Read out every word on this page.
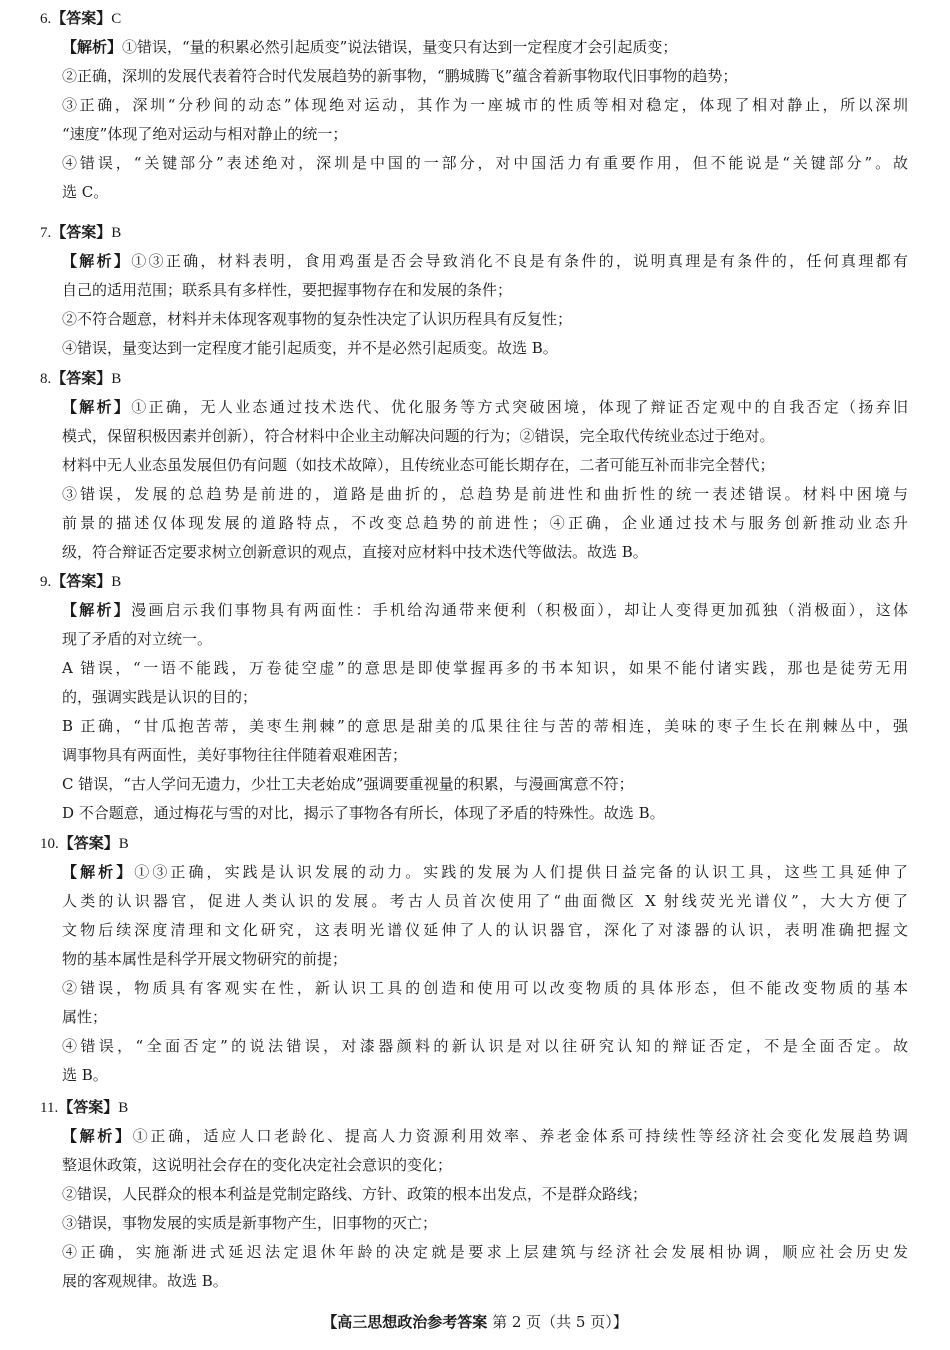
6.【答案】C
【解析】①错误，“量的积累必然引起质变”说法错误，量变只有达到一定程度才会引起质变；
②正确，深圳的发展代表着符合时代发展趋势的新事物，“鹏城腾飞”蕴含着新事物取代旧事物的趋势；
③正确，深圳“分秒间的动态”体现绝对运动，其作为一座城市的性质等相对稳定，体现了相对静止，所以深圳
“速度”体现了绝对运动与相对静止的统一；
④错误，“关键部分”表述绝对，深圳是中国的一部分，对中国活力有重要作用，但不能说是“关键部分”。故
选 C。
7.【答案】B
【解析】①③正确，材料表明，食用鸡蛋是否会导致消化不良是有条件的，说明真理是有条件的，任何真理都有
自己的适用范围；联系具有多样性，要把握事物存在和发展的条件；
②不符合题意，材料并未体现客观事物的复杂性决定了认识历程具有反复性；
④错误，量变达到一定程度才能引起质变，并不是必然引起质变。故选 B。
8.【答案】B
【解析】①正确，无人业态通过技术迭代、优化服务等方式突破困境，体现了辩证否定观中的自我否定（扬弃旧
模式，保留积极因素并创新），符合材料中企业主动解决问题的行为；②错误，完全取代传统业态过于绝对。
材料中无人业态虽发展但仍有问题（如技术故障），且传统业态可能长期存在，二者可能互补而非完全替代；
③错误，发展的总趋势是前进的，道路是曲折的，总趋势是前进性和曲折性的统一表述错误。材料中困境与
前景的描述仅体现发展的道路特点，不改变总趋势的前进性；④正确，企业通过技术与服务创新推动业态升
级，符合辩证否定要求树立创新意识的观点，直接对应材料中技术迭代等做法。故选 B。
9.【答案】B
【解析】漫画启示我们事物具有两面性：手机给沟通带来便利（积极面），却让人变得更加孤独（消极面），这体
现了矛盾的对立统一。
A 错误，“一语不能践，万卷徒空虚”的意思是即使掌握再多的书本知识，如果不能付诸实践，那也是徒劳无用
的，强调实践是认识的目的；
B 正确，“甘瓜抱苦蒂，美枣生荆棘”的意思是甜美的瓜果往往与苦的蒂相连，美味的枣子生长在荆棘丛中，强
调事物具有两面性，美好事物往往伴随着艰难困苦；
C 错误，“古人学问无遗力，少壮工夫老始成”强调要重视量的积累，与漫画寓意不符；
D 不合题意，通过梅花与雪的对比，揭示了事物各有所长，体现了矛盾的特殊性。故选 B。
10.【答案】B
【解析】①③正确，实践是认识发展的动力。实践的发展为人们提供日益完备的认识工具，这些工具延伸了
人类的认识器官，促进人类认识的发展。考古人员首次使用了“曲面微区 X 射线荧光光谱仪”，大大方便了
文物后续深度清理和文化研究，这表明光谱仪延伸了人的认识器官，深化了对漆器的认识，表明准确把握文
物的基本属性是科学开展文物研究的前提；
②错误，物质具有客观实在性，新认识工具的创造和使用可以改变物质的具体形态，但不能改变物质的基本
属性；
④错误，“全面否定”的说法错误，对漆器颜料的新认识是对以往研究认知的辩证否定，不是全面否定。故
选 B。
11.【答案】B
【解析】①正确，适应人口老龄化、提高人力资源利用效率、养老金体系可持续性等经济社会变化发展趋势调
整退休政策，这说明社会存在的变化决定社会意识的变化；
②错误，人民群众的根本利益是党制定路线、方针、政策的根本出发点，不是群众路线；
③错误，事物发展的实质是新事物产生，旧事物的灭亡；
④正确，实施渐进式延迟法定退休年龄的决定就是要求上层建筑与经济社会发展相协调，顺应社会历史发
展的客观规律。故选 B。
【高三思想政治参考答案 第 2 页（共 5 页）】
